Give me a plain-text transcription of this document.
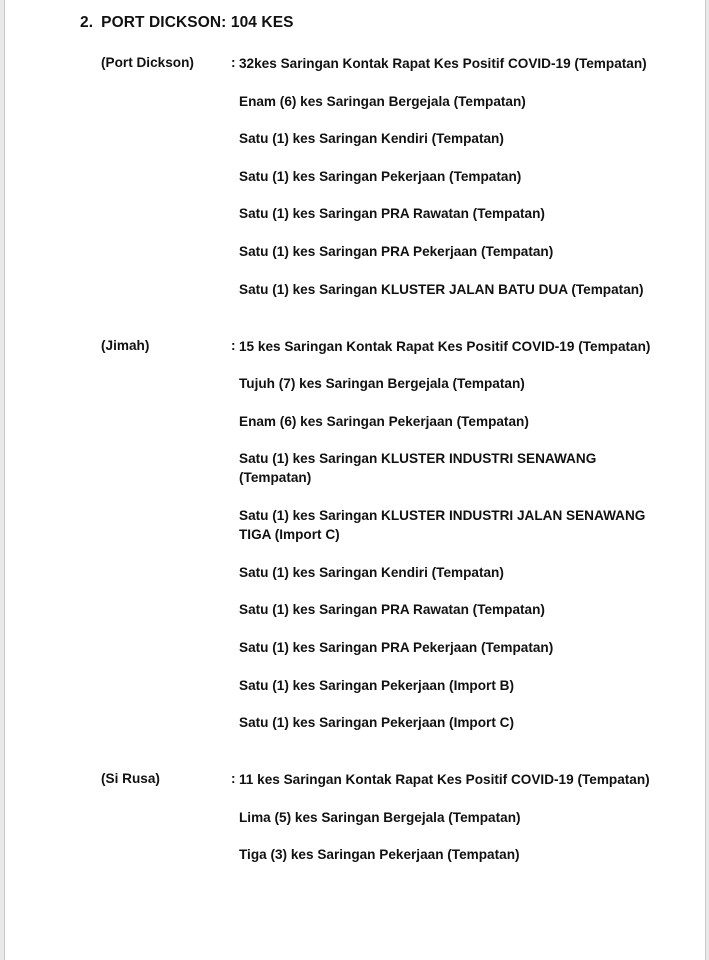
2. PORT DICKSON: 104 KES
(Port Dickson)	: 32kes Saringan Kontak Rapat Kes Positif COVID-19 (Tempatan)
Enam (6) kes Saringan Bergejala (Tempatan)
Satu (1) kes Saringan Kendiri (Tempatan)
Satu (1) kes Saringan Pekerjaan (Tempatan)
Satu (1) kes Saringan PRA Rawatan (Tempatan)
Satu (1) kes Saringan PRA Pekerjaan (Tempatan)
Satu (1) kes Saringan KLUSTER JALAN BATU DUA (Tempatan)
(Jimah)	: 15 kes Saringan Kontak Rapat Kes Positif COVID-19 (Tempatan)
Tujuh (7) kes Saringan Bergejala (Tempatan)
Enam (6) kes Saringan Pekerjaan (Tempatan)
Satu (1) kes Saringan KLUSTER INDUSTRI SENAWANG (Tempatan)
Satu (1) kes Saringan KLUSTER INDUSTRI JALAN SENAWANG TIGA (Import C)
Satu (1) kes Saringan Kendiri (Tempatan)
Satu (1) kes Saringan PRA Rawatan (Tempatan)
Satu (1) kes Saringan PRA Pekerjaan (Tempatan)
Satu (1) kes Saringan Pekerjaan (Import B)
Satu (1) kes Saringan Pekerjaan (Import C)
(Si Rusa)	: 11 kes Saringan Kontak Rapat Kes Positif COVID-19 (Tempatan)
Lima (5) kes Saringan Bergejala (Tempatan)
Tiga (3) kes Saringan Pekerjaan (Tempatan)
